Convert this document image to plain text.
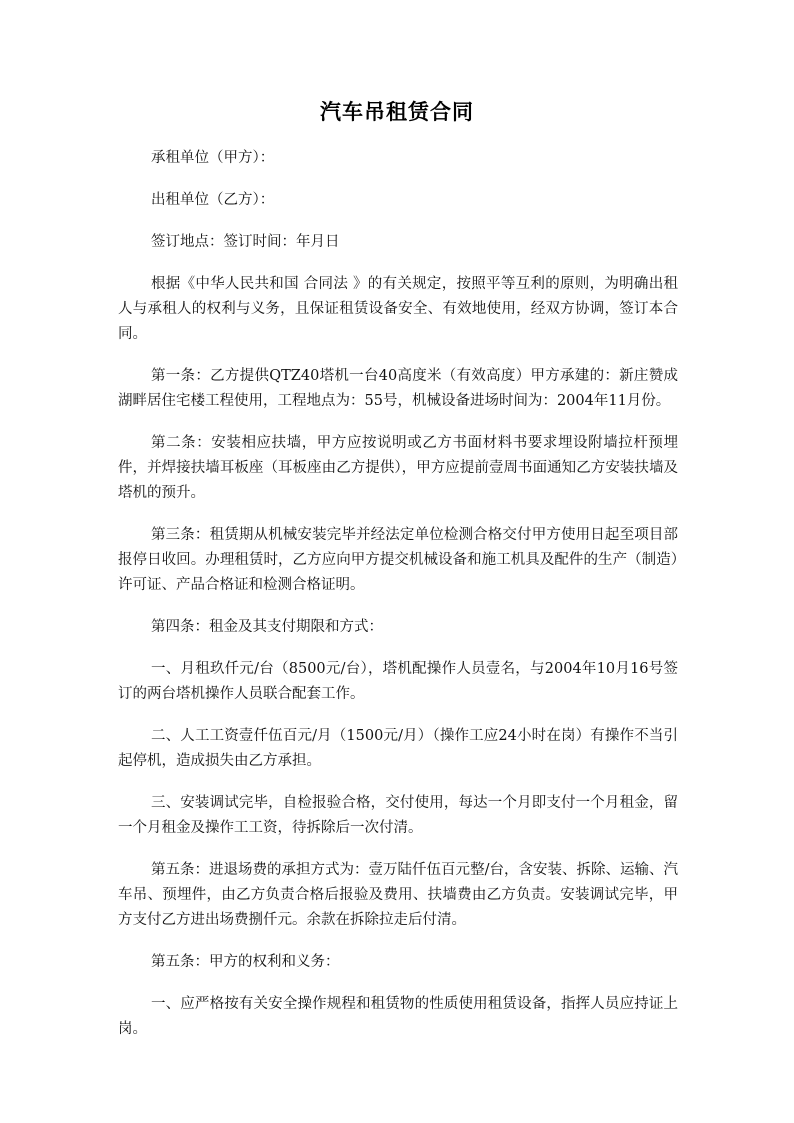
汽车吊租赁合同

承租单位（甲方）：

出租单位（乙方）：

签订地点：签订时间：年月日

根据《中华人民共和国 合同法 》的有关规定，按照平等互利的原则，为明确出租人与承租人的权利与义务，且保证租赁设备安全、有效地使用，经双方协调，签订本合同。

第一条：乙方提供QTZ40塔机一台40高度米（有效高度）甲方承建的：新庄赞成湖畔居住宅楼工程使用，工程地点为：55号，机械设备进场时间为：2004年11月份。

第二条：安装相应扶墙，甲方应按说明或乙方书面材料书要求埋设附墙拉杆预埋件，并焊接扶墙耳板座（耳板座由乙方提供），甲方应提前壹周书面通知乙方安装扶墙及塔机的预升。

第三条：租赁期从机械安装完毕并经法定单位检测合格交付甲方使用日起至项目部报停日收回。办理租赁时，乙方应向甲方提交机械设备和施工机具及配件的生产（制造）许可证、产品合格证和检测合格证明。

第四条：租金及其支付期限和方式：

一、月租玖仟元/台（8500元/台），塔机配操作人员壹名，与2004年10月16号签订的两台塔机操作人员联合配套工作。

二、人工工资壹仟伍百元/月（1500元/月）（操作工应24小时在岗）有操作不当引起停机，造成损失由乙方承担。

三、安装调试完毕，自检报验合格，交付使用，每达一个月即支付一个月租金，留一个月租金及操作工工资，待拆除后一次付清。

第五条：进退场费的承担方式为：壹万陆仟伍百元整/台，含安装、拆除、运输、汽车吊、预埋件，由乙方负责合格后报验及费用、扶墙费由乙方负责。安装调试完毕，甲方支付乙方进出场费捌仟元。余款在拆除拉走后付清。

第五条：甲方的权利和义务：

一、应严格按有关安全操作规程和租赁物的性质使用租赁设备，指挥人员应持证上岗。
